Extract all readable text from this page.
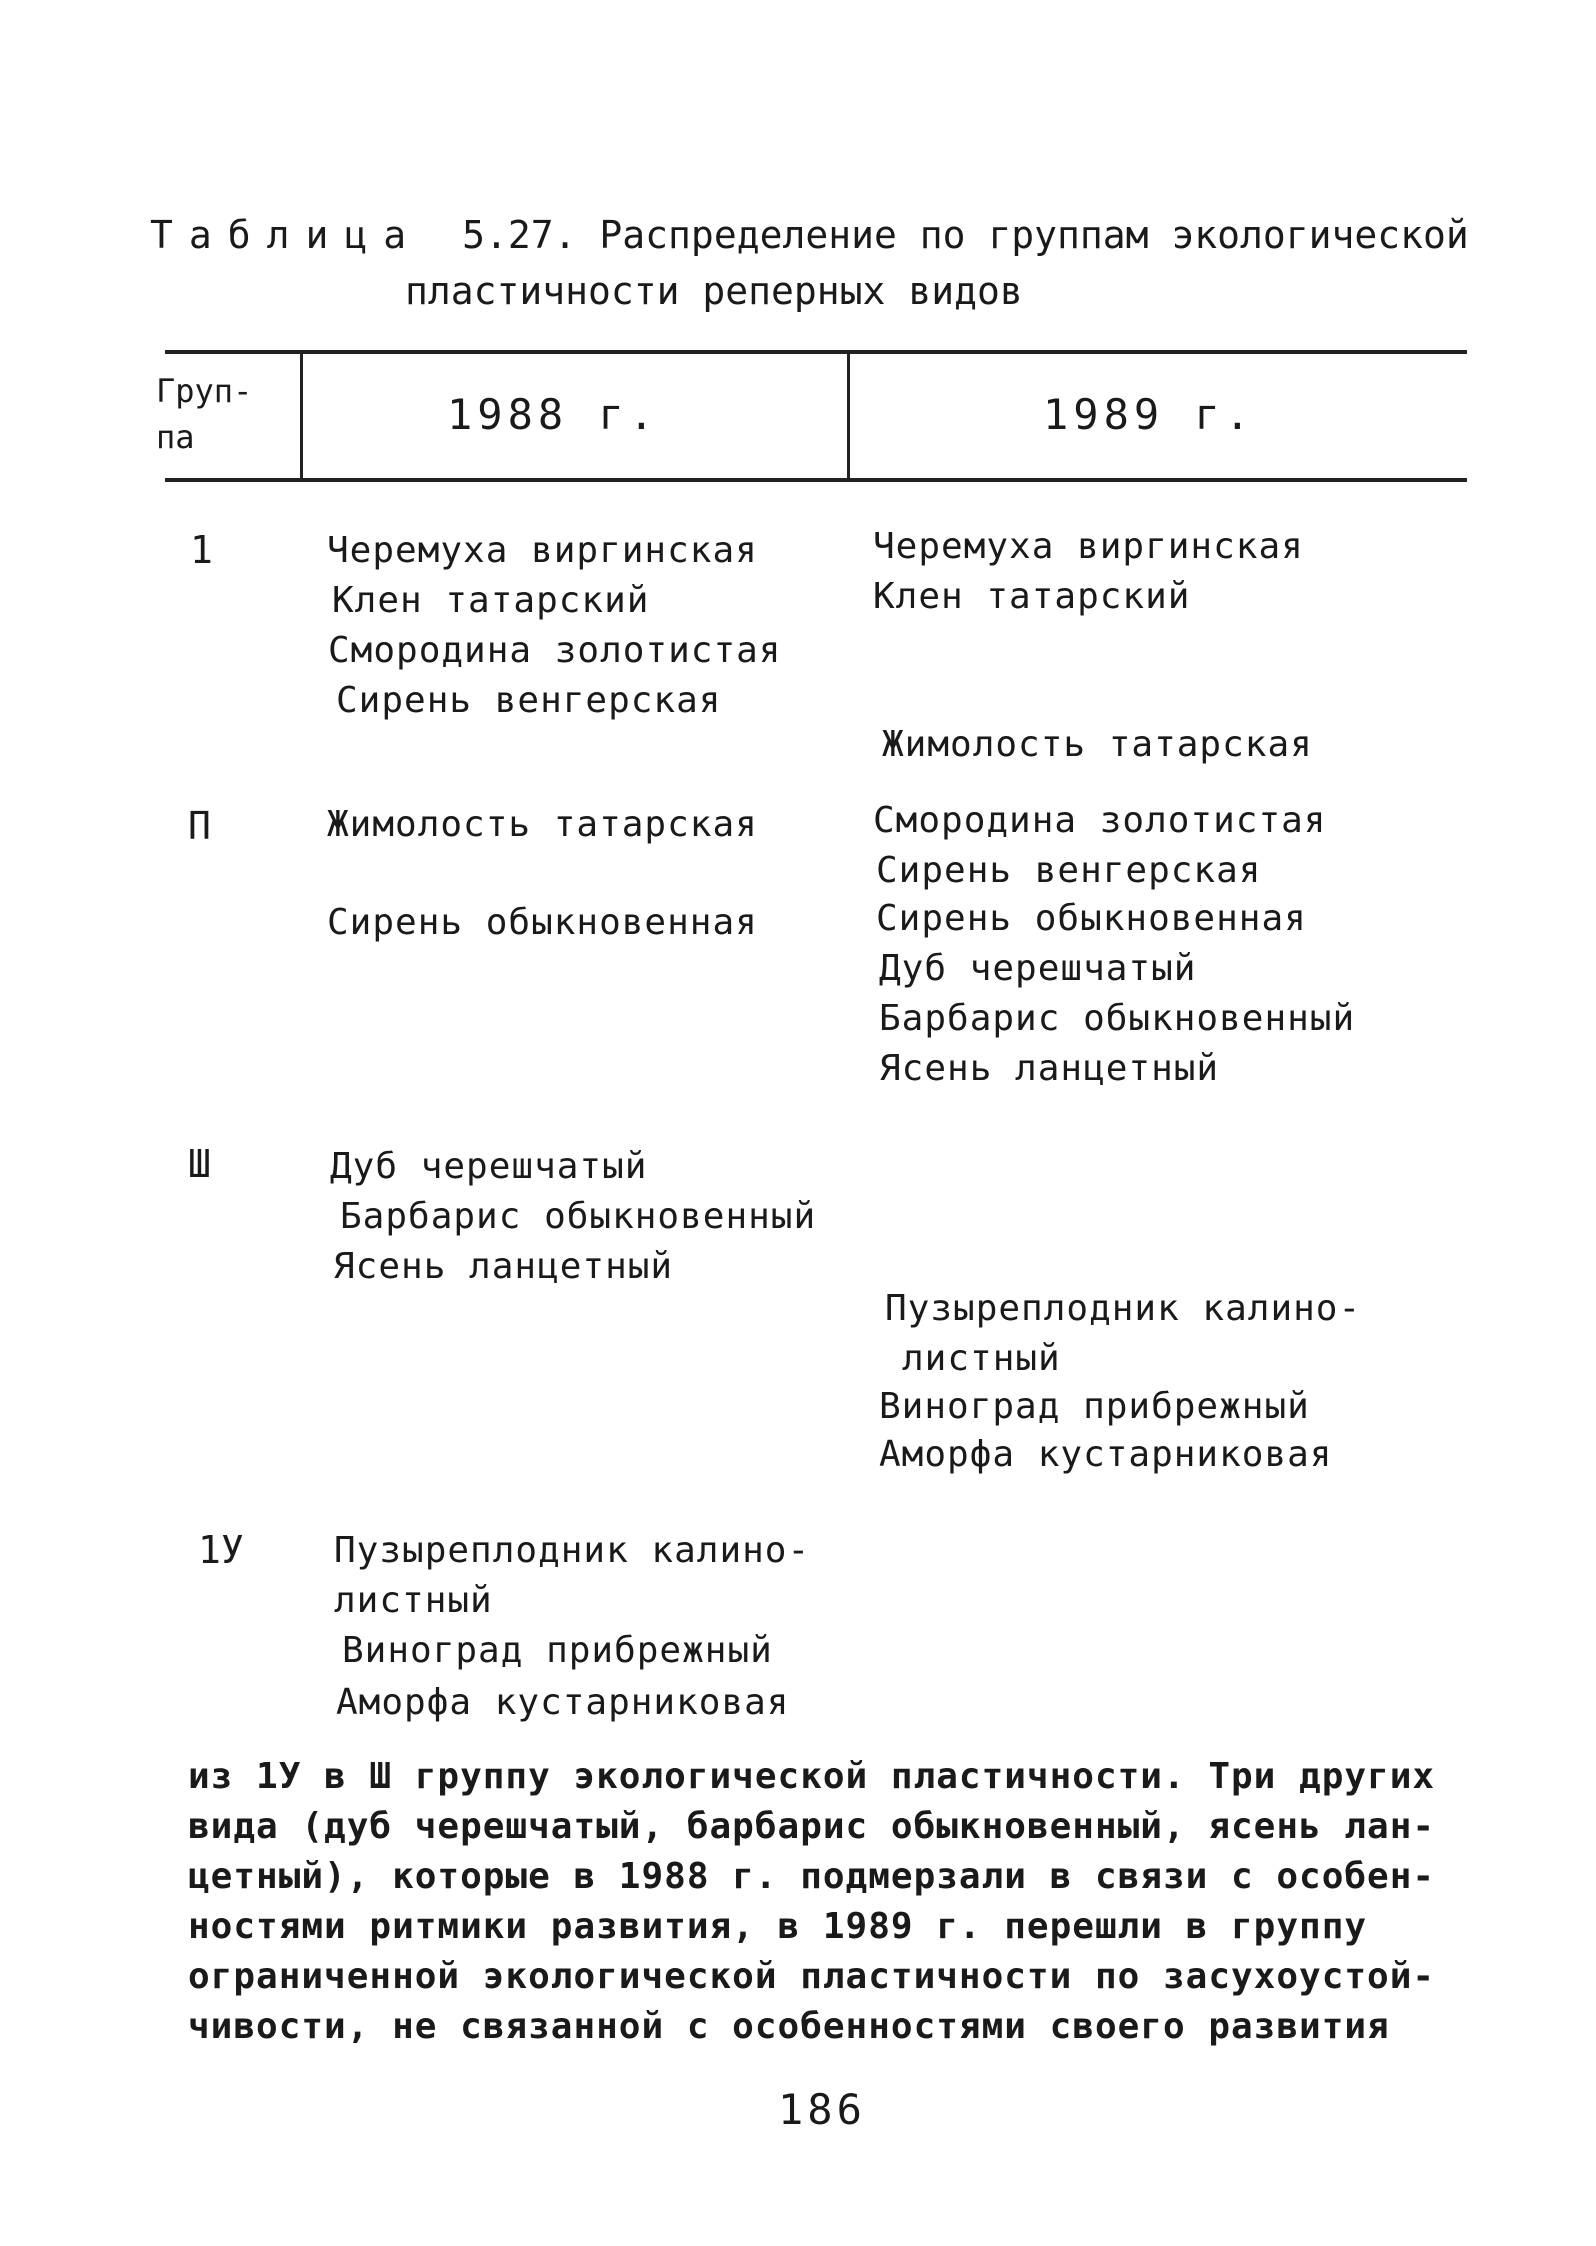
Таблица 5.27. Распределение по группам экологической
пластичности реперных видов
Груп- па	1988 г.	1989 г.
1
П
Ш
1У
Черемуха виргинская
Клен татарский
Смородина золотистая
Сирень венгерская
Жимолость татарская
Сирень обыкновенная
Дуб черешчатый
Барбарис обыкновенный
Ясень ланцетный
Пузыреплодник калино-
листный
Виноград прибрежный
Аморфа кустарниковая
Черемуха виргинская
Клен татарский
Жимолость татарская
Смородина золотистая
Сирень венгерская
Сирень обыкновенная
Дуб черешчатый
Барбарис обыкновенный
Ясень ланцетный
Пузыреплодник калино-
листный
Виноград прибрежный
Аморфа кустарниковая
из 1У в Ш группу экологической пластичности. Три других
вида (дуб черешчатый, барбарис обыкновенный, ясень лан-
цетный), которые в 1988 г. подмерзали в связи с особен-
ностями ритмики развития, в 1989 г. перешли в группу
ограниченной экологической пластичности по засухоустой-
чивости, не связанной с особенностями своего развития
186
